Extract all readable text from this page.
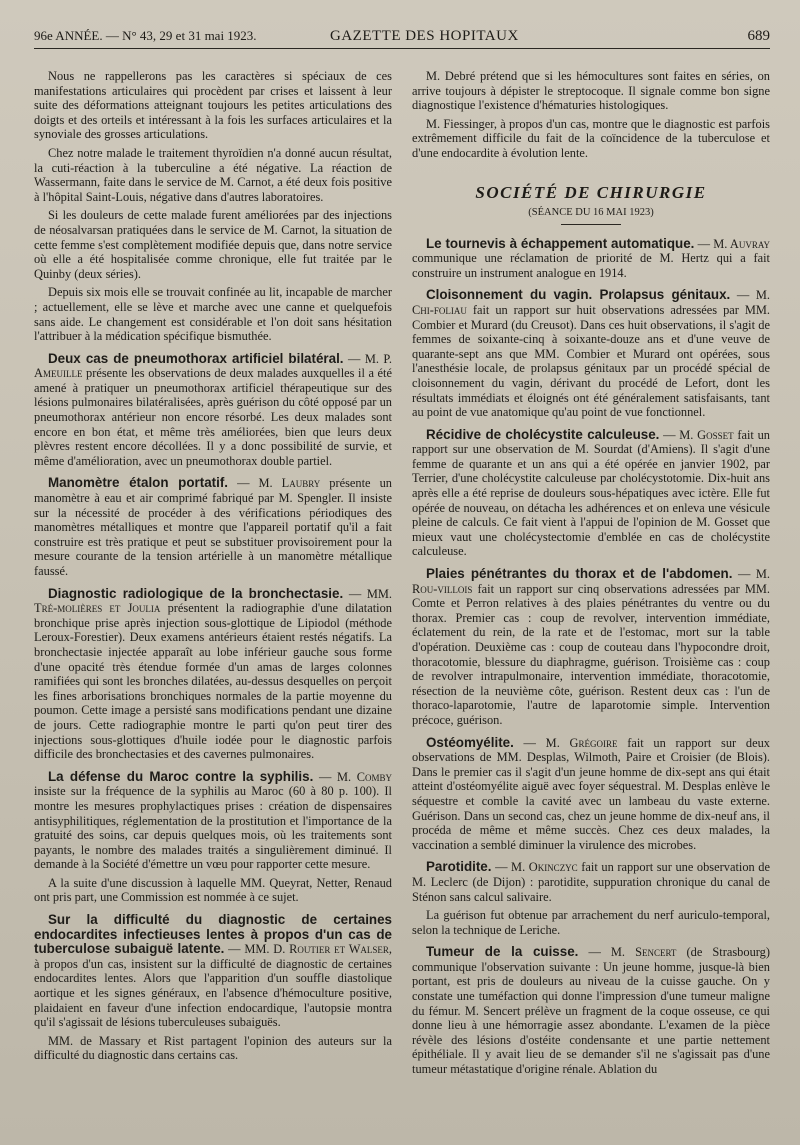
96e ANNÉE. — N° 43, 29 et 31 mai 1923.	GAZETTE DES HOPITAUX	689

Nous ne rappellerons pas les caractères si spéciaux de ces manifestations articulaires qui procèdent par crises et laissent à leur suite des déformations atteignant toujours les petites articulations des doigts et des orteils et intéressant à la fois les surfaces articulaires et la synoviale des grosses articulations.

Chez notre malade le traitement thyroïdien n'a donné aucun résultat, la cuti-réaction à la tuberculine a été négative. La réaction de Wassermann, faite dans le service de M. Carnot, a été deux fois positive à l'hôpital Saint-Louis, négative dans d'autres laboratoires.

Si les douleurs de cette malade furent améliorées par des injections de néosalvarsan pratiquées dans le service de M. Carnot, la situation de cette femme s'est complètement modifiée depuis que, dans notre service où elle a été hospitalisée comme chronique, elle fut traitée par le Quinby (deux séries).

Depuis six mois elle se trouvait confinée au lit, incapable de marcher ; actuellement, elle se lève et marche avec une canne et quelquefois sans aide. Le changement est considérable et l'on doit sans hésitation l'attribuer à la médication spécifique bismuthée.

Deux cas de pneumothorax artificiel bilatéral. — M. P. Ameuille présente les observations de deux malades auxquelles il a été amené à pratiquer un pneumothorax artificiel thérapeutique sur des lésions pulmonaires bilatéralisées, après guérison du côté opposé par un pneumothorax antérieur non encore résorbé. Les deux malades sont encore en bon état, et même très améliorées, bien que leurs deux plèvres restent encore décollées. Il y a donc possibilité de survie, et même d'amélioration, avec un pneumothorax double partiel.

Manomètre étalon portatif. — M. Laubry présente un manomètre à eau et air comprimé fabriqué par M. Spengler. Il insiste sur la nécessité de procéder à des vérifications périodiques des manomètres métalliques et montre que l'appareil portatif qu'il a fait construire est très pratique et peut se substituer provisoirement pour la mesure courante de la tension artérielle à un manomètre métallique faussé.

Diagnostic radiologique de la bronchectasie. — MM. Tré-molières et Joulia présentent la radiographie d'une dilatation bronchique prise après injection sous-glottique de Lipiodol (méthode Leroux-Forestier). Deux examens antérieurs étaient restés négatifs. La bronchectasie injectée apparaît au lobe inférieur gauche sous forme d'une opacité très étendue formée d'un amas de larges colonnes ramifiées qui sont les bronches dilatées, au-dessus desquelles on perçoit les fines arborisations bronchiques normales de la partie moyenne du poumon. Cette image a persisté sans modifications pendant une dizaine de jours. Cette radiographie montre le parti qu'on peut tirer des injections sous-glottiques d'huile iodée pour le diagnostic parfois difficile des bronchectasies et des cavernes pulmonaires.

La défense du Maroc contre la syphilis. — M. Comby insiste sur la fréquence de la syphilis au Maroc (60 à 80 p. 100). Il montre les mesures prophylactiques prises : création de dispensaires antisyphilitiques, réglementation de la prostitution et l'importance de la gratuité des soins, car depuis quelques mois, où les traitements sont payants, le nombre des malades traités a singulièrement diminué. Il demande à la Société d'émettre un vœu pour rapporter cette mesure.

A la suite d'une discussion à laquelle MM. Queyrat, Netter, Renaud ont pris part, une Commission est nommée à ce sujet.

Sur la difficulté du diagnostic de certaines endocardites infectieuses lentes à propos d'un cas de tuberculose subaiguë latente. — MM. D. Routier et Walser, à propos d'un cas, insistent sur la difficulté de diagnostic de certaines endocardites lentes. Alors que l'apparition d'un souffle diastolique aortique et les signes généraux, en l'absence d'hémoculture positive, plaidaient en faveur d'une infection endocardique, l'autopsie montra qu'il s'agissait de lésions tuberculeuses subaiguës.

MM. de Massary et Rist partagent l'opinion des auteurs sur la difficulté du diagnostic dans certains cas.

M. Debré prétend que si les hémocultures sont faites en séries, on arrive toujours à dépister le streptocoque. Il signale comme bon signe diagnostique l'existence d'hématuries histologiques.

M. Fiessinger, à propos d'un cas, montre que le diagnostic est parfois extrêmement difficile du fait de la coïncidence de la tuberculose et d'une endocardite à évolution lente.

SOCIÉTÉ DE CHIRURGIE
(SÉANCE DU 16 MAI 1923)

Le tournevis à échappement automatique. — M. Auvray communique une réclamation de priorité de M. Hertz qui a fait construire un instrument analogue en 1914.

Cloisonnement du vagin. Prolapsus génitaux. — M. Chi-foliau fait un rapport sur huit observations adressées par MM. Combier et Murard (du Creusot). Dans ces huit observations, il s'agit de femmes de soixante-cinq à soixante-douze ans et d'une veuve de quarante-sept ans que MM. Combier et Murard ont opérées, sous l'anesthésie locale, de prolapsus génitaux par un procédé spécial de cloisonnement du vagin, dérivant du procédé de Lefort, dont les résultats immédiats et éloignés ont été généralement satisfaisants, tant au point de vue anatomique qu'au point de vue fonctionnel.

Récidive de cholécystite calculeuse. — M. Gosset fait un rapport sur une observation de M. Sourdat (d'Amiens). Il s'agit d'une femme de quarante et un ans qui a été opérée en janvier 1902, par Terrier, d'une cholécystite calculeuse par cholécystotomie. Dix-huit ans après elle a été reprise de douleurs sous-hépatiques avec ictère. Elle fut opérée de nouveau, on détacha les adhérences et on enleva une vésicule pleine de calculs. Ce fait vient à l'appui de l'opinion de M. Gosset que mieux vaut une cholécystectomie d'emblée en cas de cholécystite calculeuse.

Plaies pénétrantes du thorax et de l'abdomen. — M. Rou-villois fait un rapport sur cinq observations adressées par MM. Comte et Perron relatives à des plaies pénétrantes du ventre ou du thorax. Premier cas : coup de revolver, intervention immédiate, éclatement du rein, de la rate et de l'estomac, mort sur la table d'opération. Deuxième cas : coup de couteau dans l'hypocondre droit, thoracotomie, blessure du diaphragme, guérison. Troisième cas : coup de revolver intrapulmonaire, intervention immédiate, thoracotomie, résection de la neuvième côte, guérison. Restent deux cas : l'un de thoraco-laparotomie, l'autre de laparotomie simple. Intervention précoce, guérison.

Ostéomyélite. — M. Grégoire fait un rapport sur deux observations de MM. Desplas, Wilmoth, Paire et Croisier (de Blois). Dans le premier cas il s'agit d'un jeune homme de dix-sept ans qui était atteint d'ostéomyélite aiguë avec foyer séquestral. M. Desplas enlève le séquestre et comble la cavité avec un lambeau du vaste externe. Guérison. Dans un second cas, chez un jeune homme de dix-neuf ans, il procéda de même et même succès. Chez ces deux malades, la vaccination a semblé diminuer la virulence des microbes.

Parotidite. — M. Okinczyc fait un rapport sur une observation de M. Leclerc (de Dijon) : parotidite, suppuration chronique du canal de Sténon sans calcul salivaire.

La guérison fut obtenue par arrachement du nerf auriculo-temporal, selon la technique de Leriche.

Tumeur de la cuisse. — M. Sencert (de Strasbourg) communique l'observation suivante : Un jeune homme, jusque-là bien portant, est pris de douleurs au niveau de la cuisse gauche. On y constate une tuméfaction qui donne l'impression d'une tumeur maligne du fémur. M. Sencert prélève un fragment de la coque osseuse, ce qui donne lieu à une hémorragie assez abondante. L'examen de la pièce révèle des lésions d'ostéite condensante et une partie nettement épithéliale. Il y avait lieu de se demander s'il ne s'agissait pas d'une tumeur métastatique d'origine rénale. Ablation du
